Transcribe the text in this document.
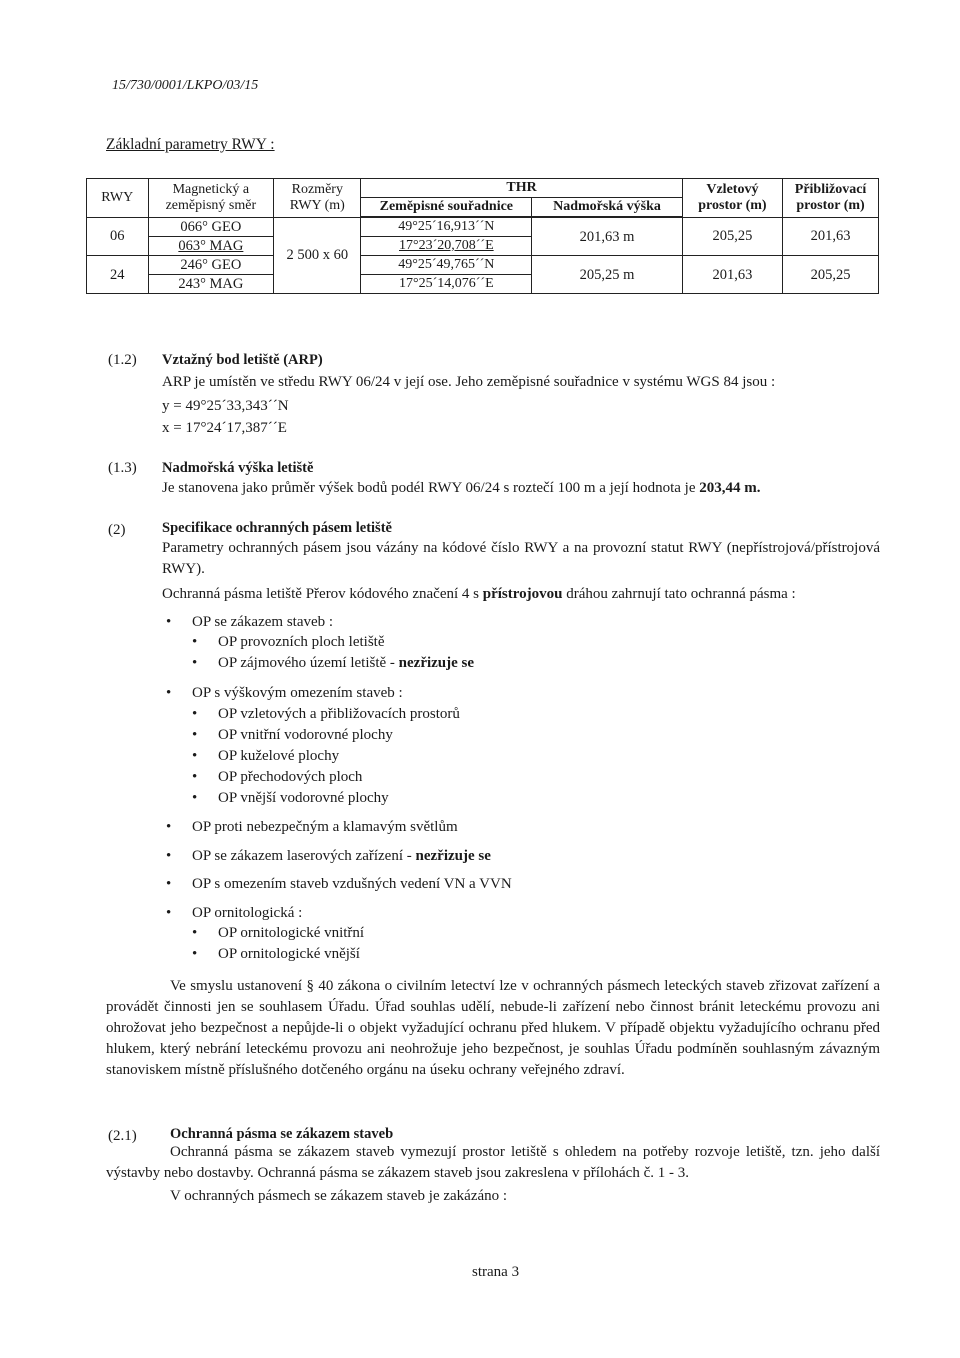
15/730/0001/LKPO/03/15
Základní parametry RWY :
RWY	Magnetický a zeměpisný směr	Rozměry RWY (m)	THR		Vzletový prostor (m)	Přibližovací prostor (m)
			Zeměpisné souřadnice	Nadmořská výška		
06	066° GEO	2 500 x 60	49°25´16,913´´N	201,63 m	205,25	201,63
	063° MAG		17°23´20,708´´E			
24	246° GEO		49°25´49,765´´N	205,25 m	201,63	205,25
	243° MAG		17°25´14,076´´E			
(1.2) Vztažný bod letiště (ARP)
ARP je umístěn ve středu RWY 06/24 v její ose. Jeho zeměpisné souřadnice v systému WGS 84 jsou :
y = 49°25´33,343´´N
x = 17°24´17,387´´E
(1.3) Nadmořská výška letiště
Je stanovena jako průměr výšek bodů podél RWY 06/24 s roztečí 100 m a její hodnota je 203,44 m.
(2)	Specifikace ochranných pásem letiště
Parametry ochranných pásem jsou vázány na kódové číslo RWY a na provozní statut RWY (nepřístrojová/přístrojová RWY).
Ochranná pásma letiště Přerov kódového značení 4 s přístrojovou dráhou zahrnují tato ochranná pásma :
• OP se zákazem staveb :
• OP provozních ploch letiště
• OP zájmového území letiště - nezřizuje se
• OP s výškovým omezením staveb :
• OP vzletových a přibližovacích prostorů
• OP vnitřní vodorovné plochy
• OP kuželové plochy
• OP přechodových ploch
• OP vnější vodorovné plochy
• OP proti nebezpečným a klamavým světlům
• OP se zákazem laserových zařízení - nezřizuje se
• OP s omezením staveb vzdušných vedení VN a VVN
• OP ornitologická :
• OP ornitologické vnitřní
• OP ornitologické vnější
Ve smyslu ustanovení § 40 zákona o civilním letectví lze v ochranných pásmech leteckých staveb zřizovat zařízení a provádět činnosti jen se souhlasem Úřadu. Úřad souhlas udělí, nebude-li zařízení nebo činnost bránit leteckému provozu ani ohrožovat jeho bezpečnost a nepůjde-li o objekt vyžadující ochranu před hlukem. V případě objektu vyžadujícího ochranu před hlukem, který nebrání leteckému provozu ani neohrožuje jeho bezpečnost, je souhlas Úřadu podmíněn souhlasným závazným stanoviskem místně příslušného dotčeného orgánu na úseku ochrany veřejného zdraví.
(2.1) Ochranná pásma se zákazem staveb
Ochranná pásma se zákazem staveb vymezují prostor letiště s ohledem na potřeby rozvoje letiště, tzn. jeho další výstavby nebo dostavby. Ochranná pásma se zákazem staveb jsou zakreslena v přílohách č. 1 - 3.
V ochranných pásmech se zákazem staveb je zakázáno :
strana 3
